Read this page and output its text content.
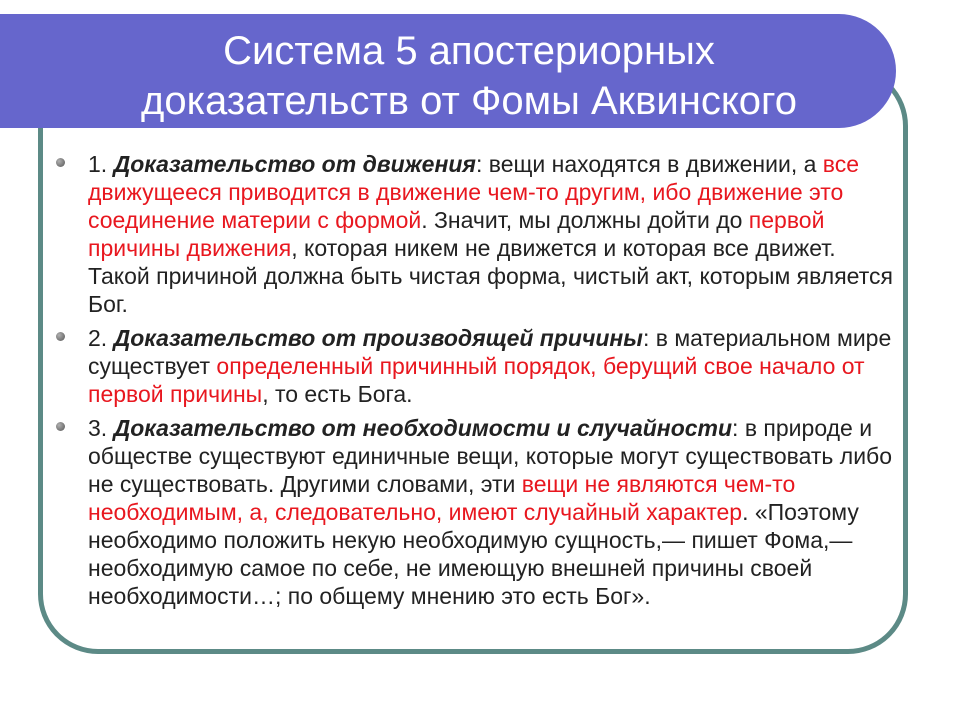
Система 5 апостериорных
доказательств от Фомы Аквинского
1. Доказательство от движения: вещи находятся в движении, а все движущееся приводится в движение чем-то другим, ибо движение это соединение материи с формой. Значит, мы должны дойти до первой причины движения, которая никем не движется и которая все движет. Такой причиной должна быть чистая форма, чистый акт, которым является Бог.
2. Доказательство от производящей причины: в материальном мире существует определенный причинный порядок, берущий свое начало от первой причины, то есть Бога.
3. Доказательство от необходимости и случайности: в природе и обществе существуют единичные вещи, которые могут существовать либо не существовать. Другими словами, эти вещи не являются чем-то необходимым, а, следовательно, имеют случайный характер. «Поэтому необходимо положить некую необходимую сущность,— пишет Фома,— необходимую самое по себе, не имеющую внешней причины своей необходимости…; по общему мнению это есть Бог».
